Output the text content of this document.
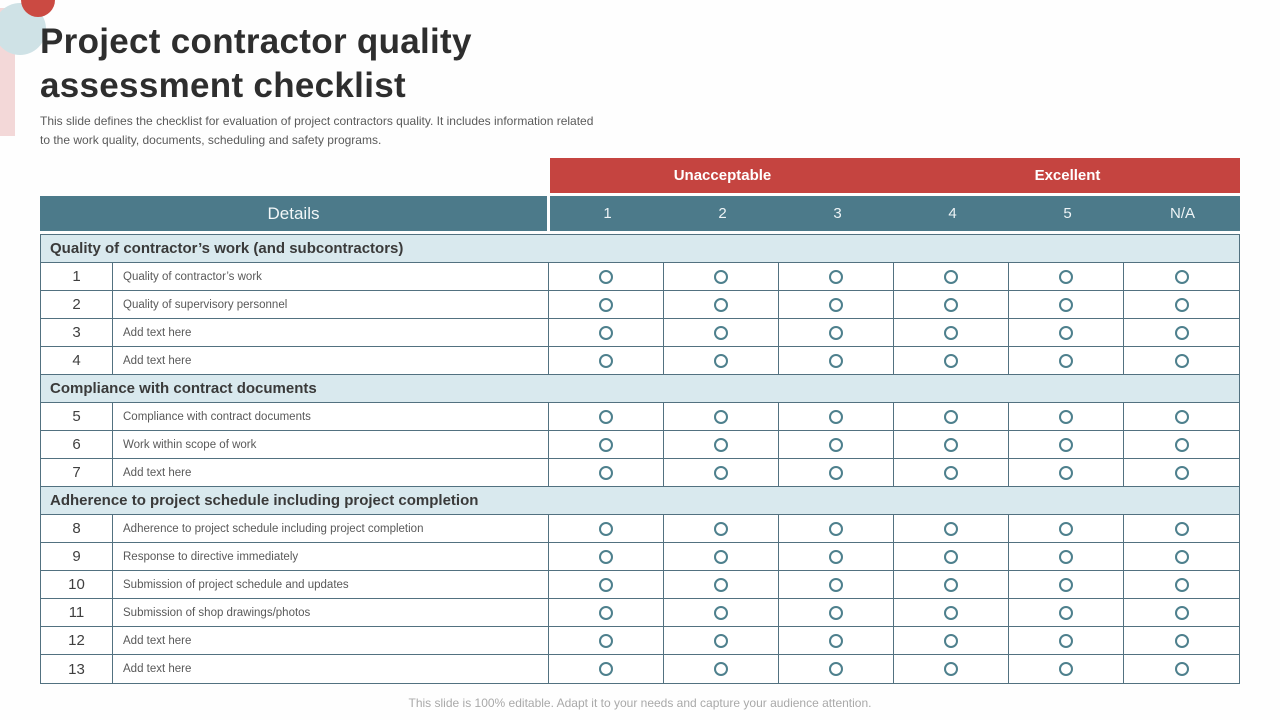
Project contractor quality assessment checklist

This slide defines the checklist for evaluation of project contractors quality. It includes information related to the work quality, documents, scheduling and safety programs.

Unacceptable	Excellent
Details	1	2	3	4	5	N/A
Quality of contractor’s work (and subcontractors)
1	Quality of contractor’s work
2	Quality of supervisory personnel
3	Add text here
4	Add text here
Compliance with contract documents
5	Compliance with contract documents
6	Work within scope of work
7	Add text here
Adherence to project schedule including project completion
8	Adherence to project schedule including project completion
9	Response to directive immediately
10	Submission of project schedule and updates
11	Submission of shop drawings/photos
12	Add text here
13	Add text here
This slide is 100% editable. Adapt it to your needs and capture your audience attention.
